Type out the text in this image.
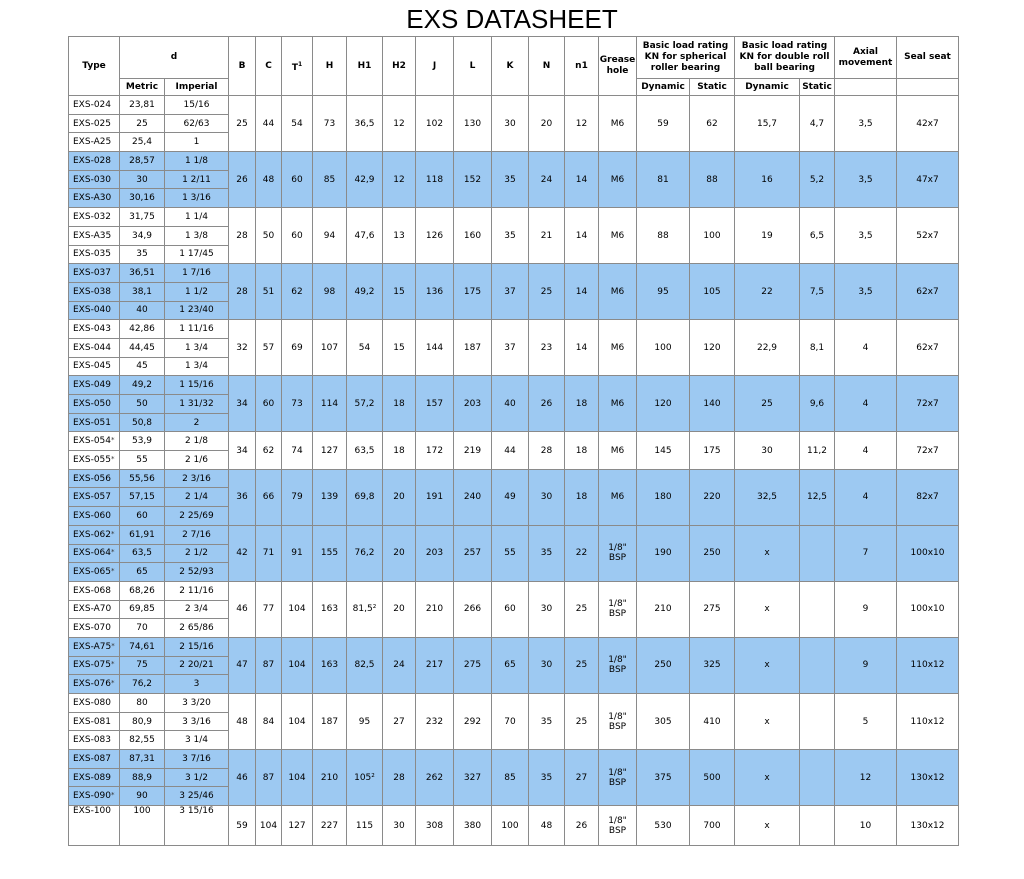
EXS DATASHEET
Type	d		B	C	$T^1$	H	H1	H2	J	L	K	N	n1	Grease hole	Basic load rating KN for spherical roller bearing		Basic load rating KN for double roll ball bearing		Axial movement	Seal seat
	Metric	Imperial													Dynamic	Static	Dynamic	Static		
EXS-024	23,81	15/16	25	44	54	73	36,5	12	102	130	30	20	12	M6	59	62	15,7	4,7	3,5	42x7
EXS-025	25	62/63																		
EXS-A25	25,4	1																		
EXS-028	28,57	1 1/8	26	48	60	85	42,9	12	118	152	35	24	14	M6	81	88	16	5,2	3,5	47x7
EXS-030	30	1 2/11																		
EXS-A30	30,16	1 3/16																		
EXS-032	31,75	1 1/4	28	50	60	94	47,6	13	126	160	35	21	14	M6	88	100	19	6,5	3,5	52x7
EXS-A35	34,9	1 3/8																		
EXS-035	35	1 17/45																		
EXS-037	36,51	1 7/16	28	51	62	98	49,2	15	136	175	37	25	14	M6	95	105	22	7,5	3,5	62x7
EXS-038	38,1	1 1/2																		
EXS-040	40	1 23/40																		
EXS-043	42,86	1 11/16	32	57	69	107	54	15	144	187	37	23	14	M6	100	120	22,9	8,1	4	62x7
EXS-044	44,45	1 3/4																		
EXS-045	45	1 3/4																		
EXS-049	49,2	1 15/16	34	60	73	114	57,2	18	157	203	40	26	18	M6	120	140	25	9,6	4	72x7
EXS-050	50	1 31/32																		
EXS-051	50,8	2																		
EXS-054*	53,9	2 1/8	34	62	74	127	63,5	18	172	219	44	28	18	M6	145	175	30	11,2	4	72x7
EXS-055*	55	2 1/6																		
EXS-056	55,56	2 3/16	36	66	79	139	69,8	20	191	240	49	30	18	M6	180	220	32,5	12,5	4	82x7
EXS-057	57,15	2 1/4																		
EXS-060	60	2 25/69																		
EXS-062*	61,91	2 7/16	42	71	91	155	76,2	20	203	257	55	35	22	1/8" BSP	190	250	x		7	100x10
EXS-064*	63,5	2 1/2																		
EXS-065*	65	2 52/93																		
EXS-068	68,26	2 11/16	46	77	104	163	81,5²	20	210	266	60	30	25	1/8" BSP	210	275	x		9	100x10
EXS-A70	69,85	2 3/4																		
EXS-070	70	2 65/86																		
EXS-A75*	74,61	2 15/16	47	87	104	163	82,5	24	217	275	65	30	25	1/8" BSP	250	325	x		9	110x12
EXS-075*	75	2 20/21																		
EXS-076*	76,2	3																		
EXS-080	80	3 3/20	48	84	104	187	95	27	232	292	70	35	25	1/8" BSP	305	410	x		5	110x12
EXS-081	80,9	3 3/16																		
EXS-083	82,55	3 1/4																		
EXS-087	87,31	3 7/16	46	87	104	210	105²	28	262	327	85	35	27	1/8" BSP	375	500	x		12	130x12
EXS-089	88,9	3 1/2																		
EXS-090*	90	3 25/46																		
EXS-100	100	3 15/16	59	104	127	227	115	30	308	380	100	48	26	1/8" BSP	530	700	x		10	130x12
